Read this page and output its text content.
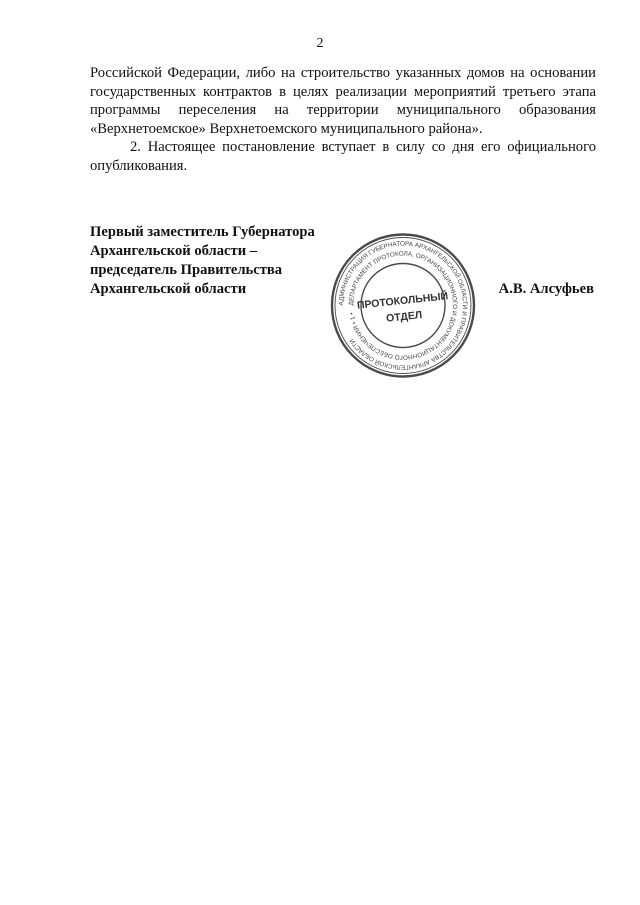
2

Российской Федерации, либо на строительство указанных домов на основании государственных контрактов в целях реализации мероприятий третьего этапа программы переселения на территории муниципального образования «Верхнетоемское» Верхнетоемского муниципального района».

2. Настоящее постановление вступает в силу со дня его официального опубликования.

Первый заместитель Губернатора
Архангельской области –
председатель Правительства
Архангельской области	А.В. Алсуфьев
АДМИНИСТРАЦИЯ ГУБЕРНАТОРА АРХАНГЕЛЬСКОЙ ОБЛАСТИ И ПРАВИТЕЛЬСТВА АРХАНГЕЛЬСКОЙ ОБЛАСТИ
ДЕПАРТАМЕНТ ПРОТОКОЛА, ОРГАНИЗАЦИОННОГО И ДОКУМЕНТАЦИОННОГО ОБЕСПЕЧЕНИЯ • 1 •
ПРОТОКОЛЬНЫЙ
ОТДЕЛ
